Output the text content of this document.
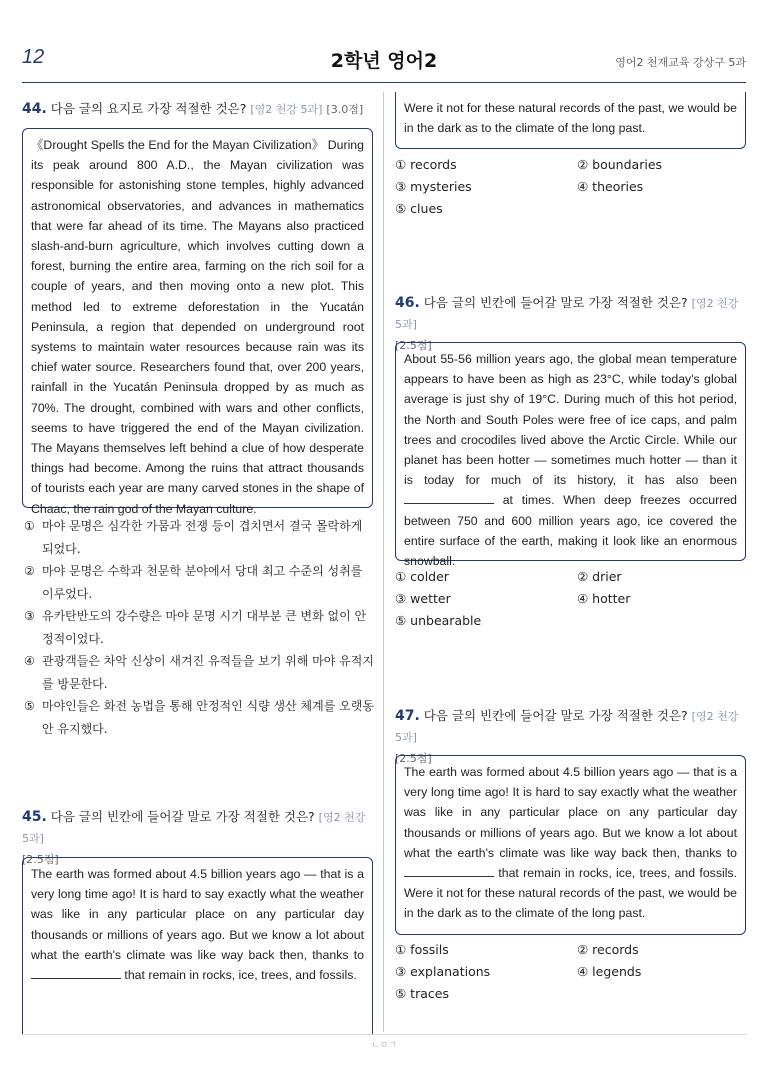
12	2학년 영어2	영어2 천재교육 강상구 5과
44. 다음 글의 요지로 가장 적절한 것은? [영2 천강 5과] [3.0점]
《Drought Spells the End for the Mayan Civilization》 During its peak around 800 A.D., the Mayan civilization was responsible for astonishing stone temples, highly advanced astronomical observatories, and advances in mathematics that were far ahead of its time. The Mayans also practiced slash-and-burn agriculture, which involves cutting down a forest, burning the entire area, farming on the rich soil for a couple of years, and then moving onto a new plot. This method led to extreme deforestation in the Yucatán Peninsula, a region that depended on underground root systems to maintain water resources because rain was its chief water source. Researchers found that, over 200 years, rainfall in the Yucatán Peninsula dropped by as much as 70%. The drought, combined with wars and other conflicts, seems to have triggered the end of the Mayan civilization. The Mayans themselves left behind a clue of how desperate things had become. Among the ruins that attract thousands of tourists each year are many carved stones in the shape of Chaac, the rain god of the Mayan culture.
① 마야 문명은 심각한 가뭄과 전쟁 등이 겹치면서 결국 몰락하게 되었다.
② 마야 문명은 수학과 천문학 분야에서 당대 최고 수준의 성취를 이루었다.
③ 유카탄반도의 강수량은 마야 문명 시기 대부분 큰 변화 없이 안정적이었다.
④ 관광객들은 차악 신상이 새겨진 유적들을 보기 위해 마야 유적지를 방문한다.
⑤ 마야인들은 화전 농법을 통해 안정적인 식량 생산 체계를 오랫동안 유지했다.
45. 다음 글의 빈칸에 들어갈 말로 가장 적절한 것은? [영2 천강 5과]
[2.5점]
The earth was formed about 4.5 billion years ago — that is a very long time ago! It is hard to say exactly what the weather was like in any particular place on any particular day thousands or millions of years ago. But we know a lot about what the earth's climate was like way back then, thanks to  that remain in rocks, ice, trees, and fossils.
Were it not for these natural records of the past, we would be in the dark as to the climate of the long past.
① records	② boundaries
③ mysteries	④ theories
⑤ clues
46. 다음 글의 빈칸에 들어갈 말로 가장 적절한 것은? [영2 천강 5과]
[2.5점]
About 55-56 million years ago, the global mean temperature appears to have been as high as 23°C, while today's global average is just shy of 19°C. During much of this hot period, the North and South Poles were free of ice caps, and palm trees and crocodiles lived above the Arctic Circle. While our planet has been hotter — sometimes much hotter — than it is today for much of its history, it has also been  at times. When deep freezes occurred between 750 and 600 million years ago, ice covered the entire surface of the earth, making it look like an enormous snowball.
① colder	② drier
③ wetter	④ hotter
⑤ unbearable
47. 다음 글의 빈칸에 들어갈 말로 가장 적절한 것은? [영2 천강 5과]
[2.5점]
The earth was formed about 4.5 billion years ago — that is a very long time ago! It is hard to say exactly what the weather was like in any particular place on any particular day thousands or millions of years ago. But we know a lot about what the earth's climate was like way back then, thanks to  that remain in rocks, ice, trees, and fossils. Were it not for these natural records of the past, we would be in the dark as to the climate of the long past.
① fossils	② records
③ explanations	④ legends
⑤ traces
ㄴㅇㄱ
